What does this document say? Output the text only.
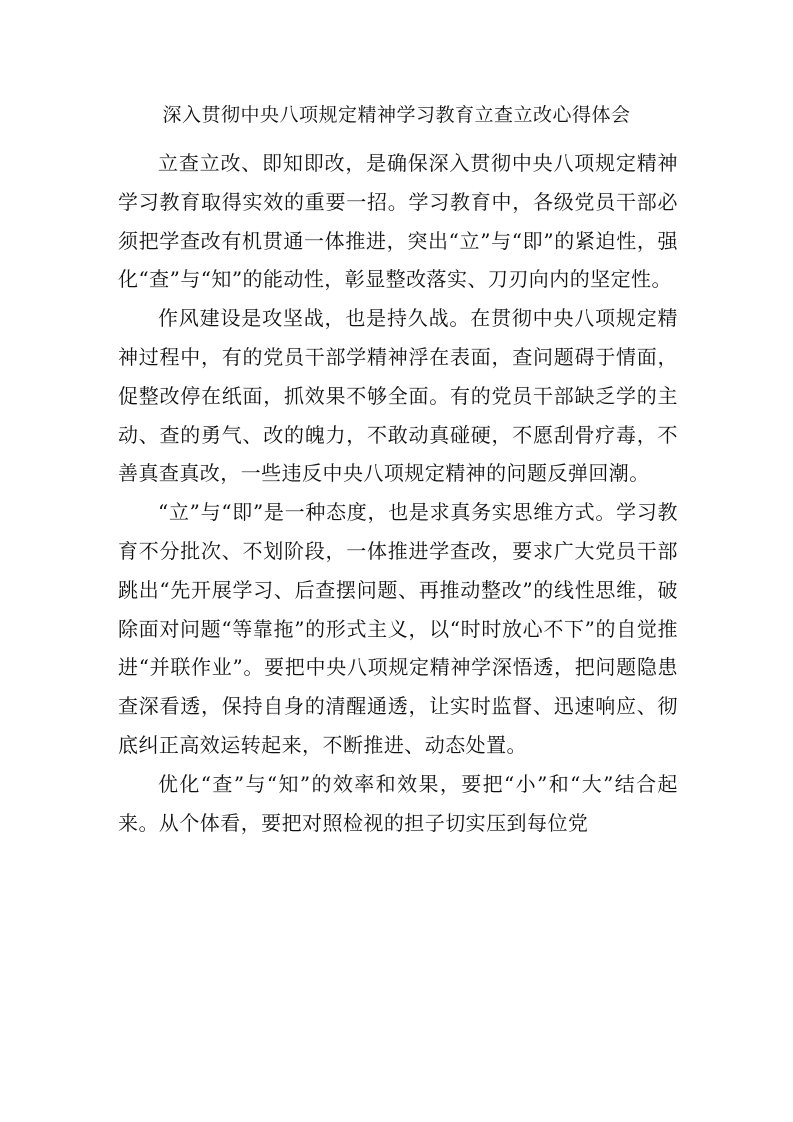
深入贯彻中央八项规定精神学习教育立查立改心得体会

立查立改、即知即改，是确保深入贯彻中央八项规定精神学习教育取得实效的重要一招。学习教育中，各级党员干部必须把学查改有机贯通一体推进，突出“立”与“即”的紧迫性，强化“查”与“知”的能动性，彰显整改落实、刀刃向内的坚定性。

作风建设是攻坚战，也是持久战。在贯彻中央八项规定精神过程中，有的党员干部学精神浮在表面，查问题碍于情面，促整改停在纸面，抓效果不够全面。有的党员干部缺乏学的主动、查的勇气、改的魄力，不敢动真碰硬，不愿刮骨疗毒，不善真查真改，一些违反中央八项规定精神的问题反弹回潮。

“立”与“即”是一种态度，也是求真务实思维方式。学习教育不分批次、不划阶段，一体推进学查改，要求广大党员干部跳出“先开展学习、后查摆问题、再推动整改”的线性思维，破除面对问题“等靠拖”的形式主义，以“时时放心不下”的自觉推进“并联作业”。要把中央八项规定精神学深悟透，把问题隐患查深看透，保持自身的清醒通透，让实时监督、迅速响应、彻底纠正高效运转起来，不断推进、动态处置。

优化“查”与“知”的效率和效果，要把“小”和“大”结合起来。从个体看，要把对照检视的担子切实压到每位党
